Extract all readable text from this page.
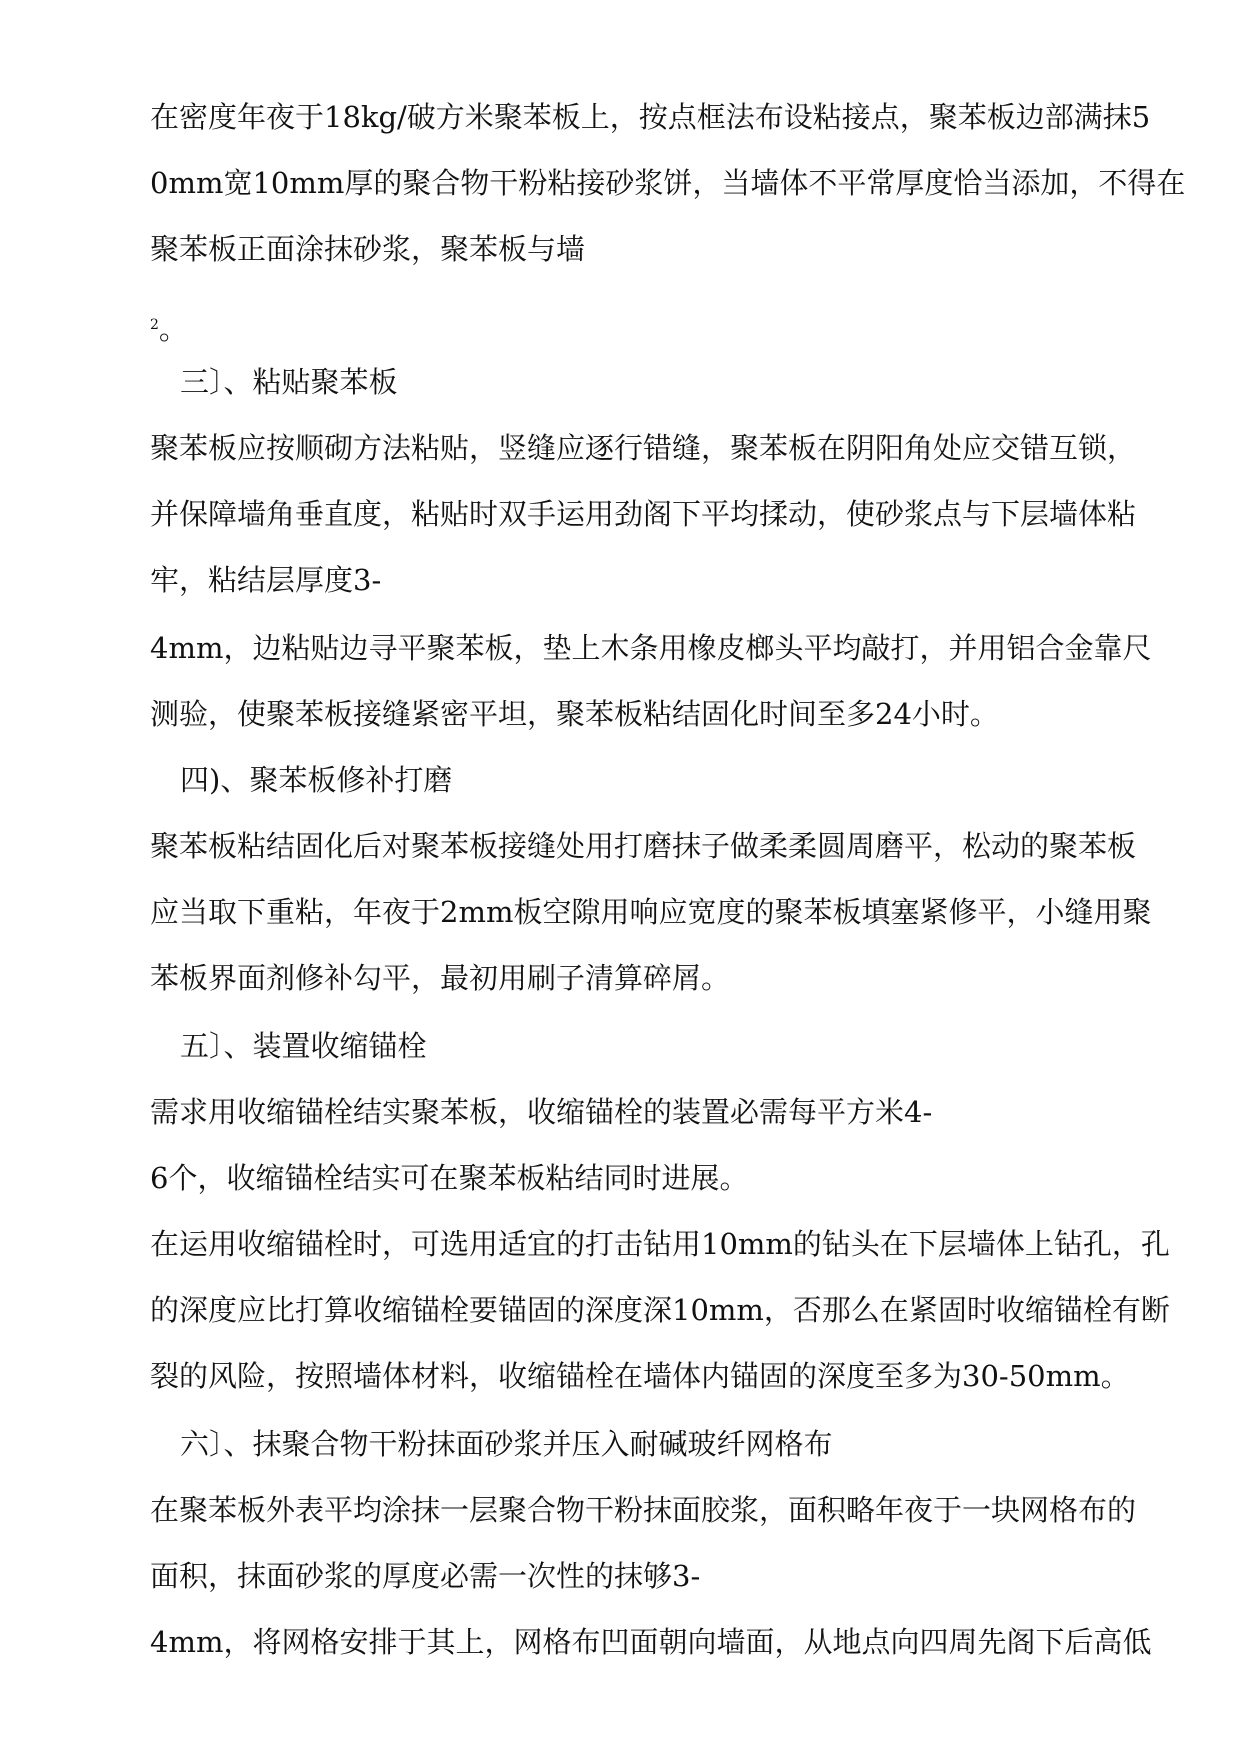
在密度年夜于18kg/破方米聚苯板上，按点框法布设粘接点，聚苯板边部满抹5
0mm宽10mm厚的聚合物干粉粘接砂浆饼，当墙体不平常厚度恰当添加，不得在
聚苯板正面涂抹砂浆，聚苯板与墙
$^2$。
三〕、粘贴聚苯板
聚苯板应按顺砌方法粘贴，竖缝应逐行错缝，聚苯板在阴阳角处应交错互锁，
并保障墙角垂直度，粘贴时双手运用劲阁下平均揉动，使砂浆点与下层墙体粘
牢，粘结层厚度3-
4mm，边粘贴边寻平聚苯板，垫上木条用橡皮榔头平均敲打，并用铝合金靠尺
测验，使聚苯板接缝紧密平坦，聚苯板粘结固化时间至多24小时。
四)、聚苯板修补打磨
聚苯板粘结固化后对聚苯板接缝处用打磨抹子做柔柔圆周磨平，松动的聚苯板
应当取下重粘，年夜于2mm板空隙用响应宽度的聚苯板填塞紧修平，小缝用聚
苯板界面剂修补勾平，最初用刷子清算碎屑。
五〕、装置收缩锚栓
需求用收缩锚栓结实聚苯板，收缩锚栓的装置必需每平方米4-
6个，收缩锚栓结实可在聚苯板粘结同时进展。
在运用收缩锚栓时，可选用适宜的打击钻用10mm的钻头在下层墙体上钻孔，孔
的深度应比打算收缩锚栓要锚固的深度深10mm，否那么在紧固时收缩锚栓有断
裂的风险，按照墙体材料，收缩锚栓在墙体内锚固的深度至多为30-50mm。
六〕、抹聚合物干粉抹面砂浆并压入耐碱玻纤网格布
在聚苯板外表平均涂抹一层聚合物干粉抹面胶浆，面积略年夜于一块网格布的
面积，抹面砂浆的厚度必需一次性的抹够3-
4mm，将网格安排于其上，网格布凹面朝向墙面，从地点向四周先阁下后高低
